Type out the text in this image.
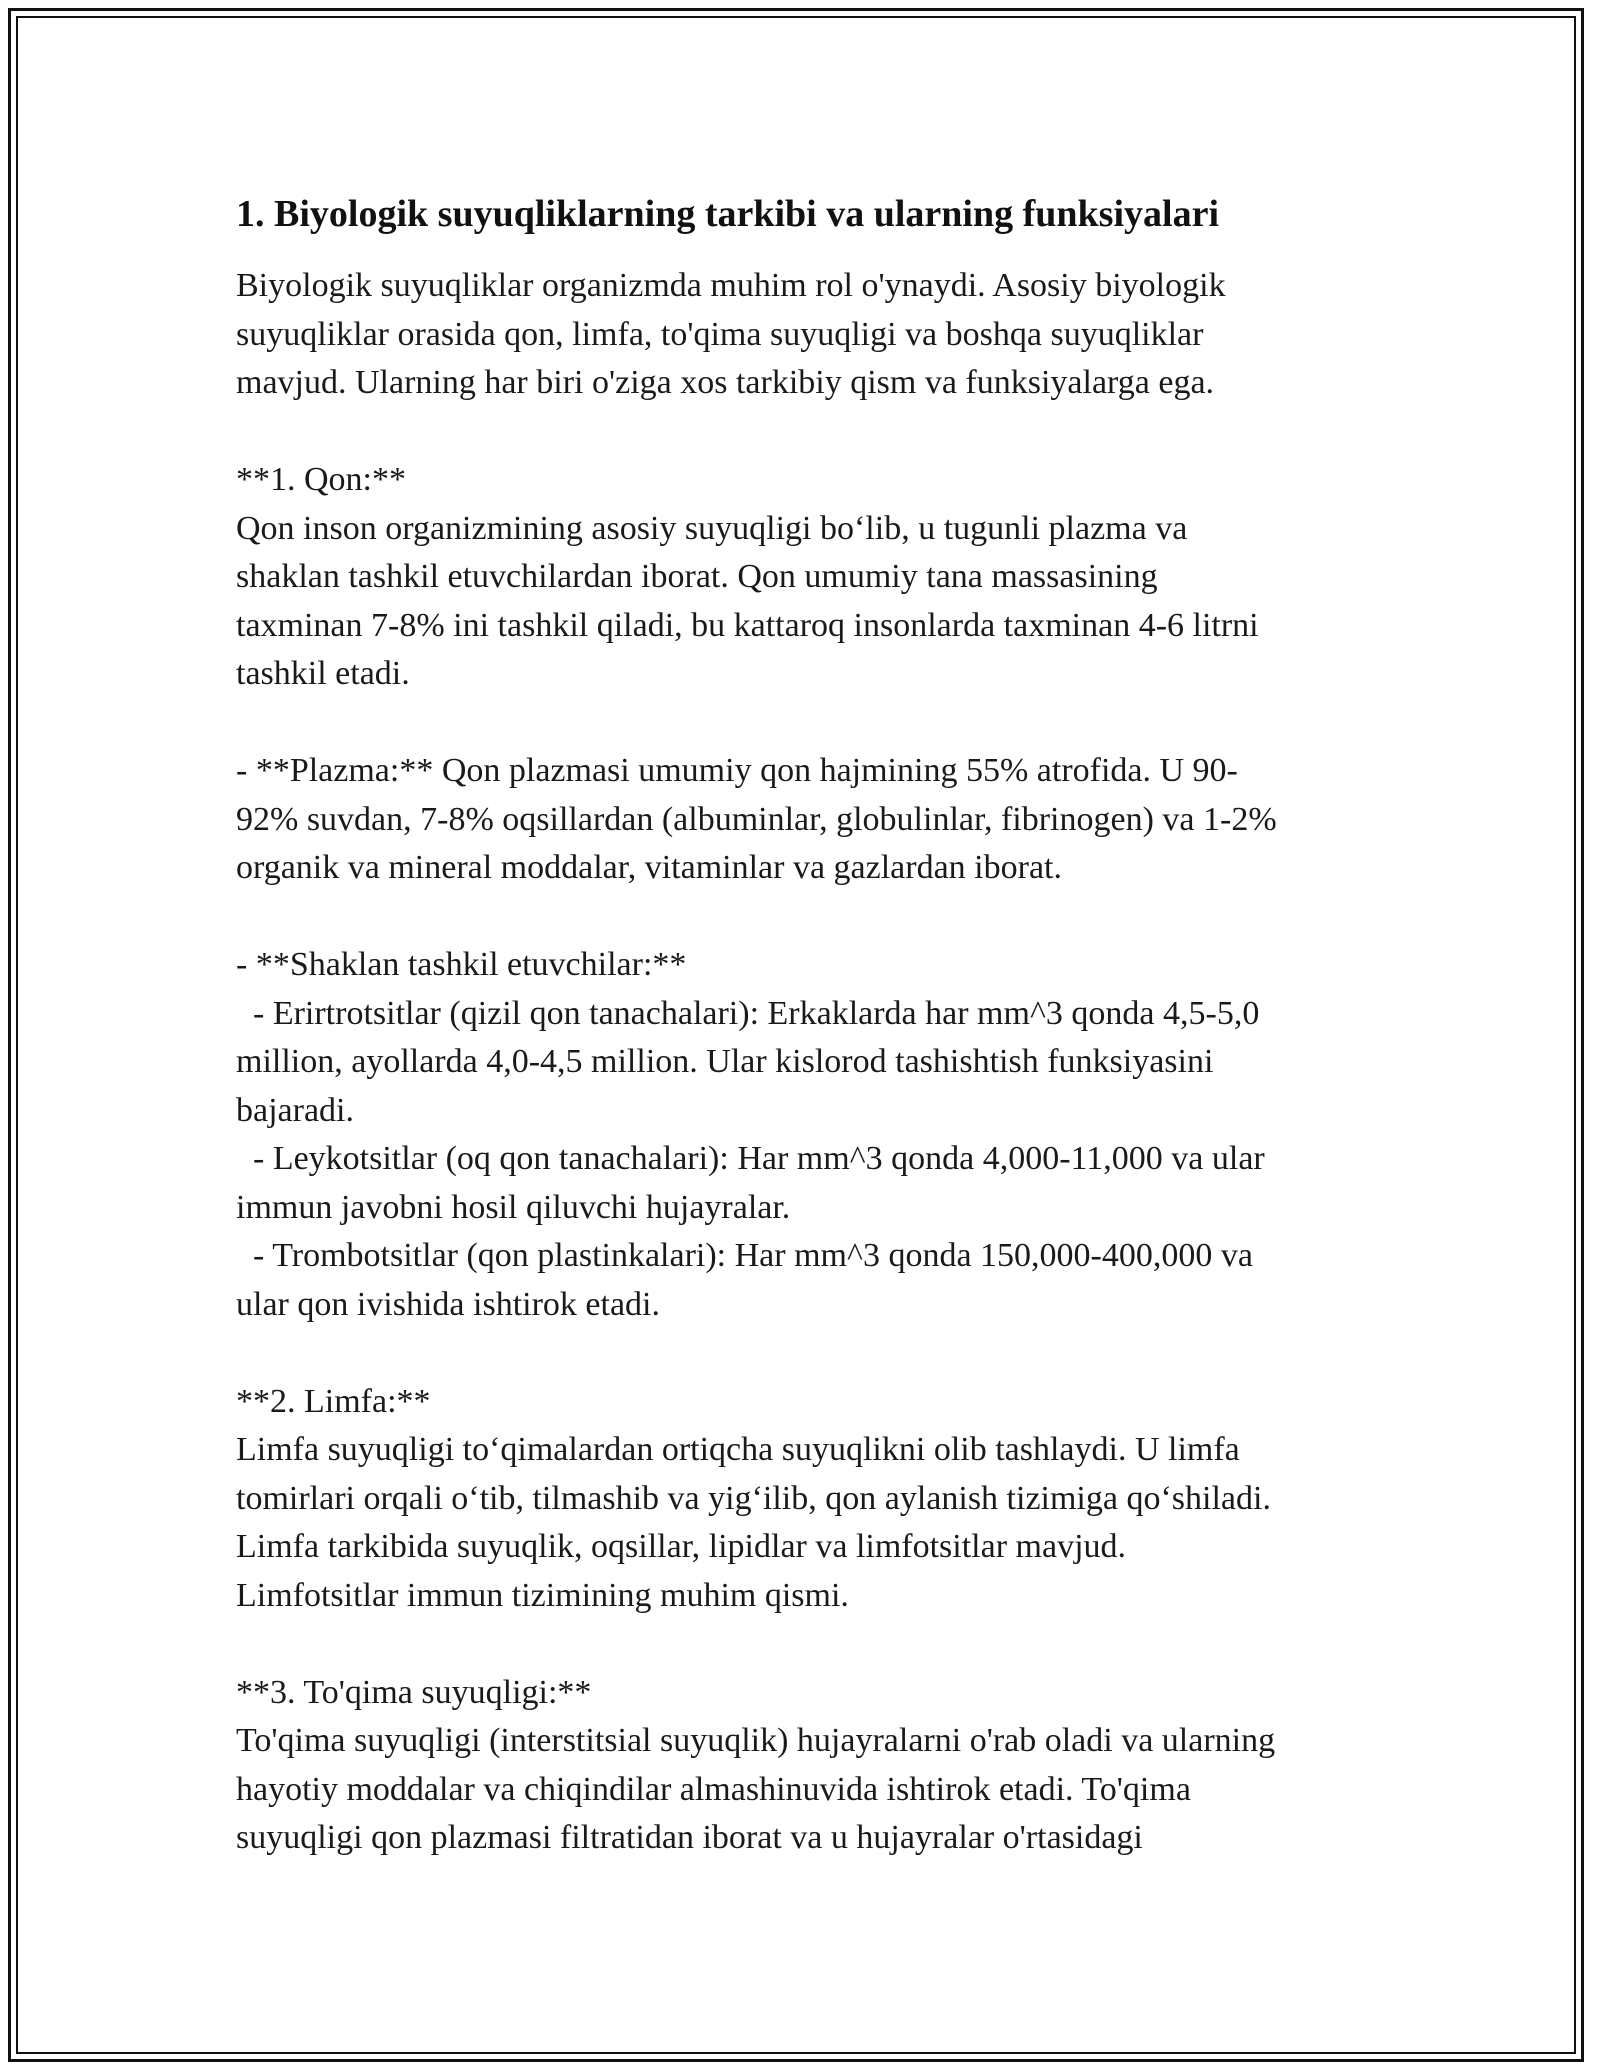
1. Biyologik suyuqliklarning tarkibi va ularning funksiyalari
Biyologik suyuqliklar organizmda muhim rol o'ynaydi. Asosiy biyologik
suyuqliklar orasida qon, limfa, to'qima suyuqligi va boshqa suyuqliklar
mavjud. Ularning har biri o'ziga xos tarkibiy qism va funksiyalarga ega.
**1. Qon:**
Qon inson organizmining asosiy suyuqligi bo‘lib, u tugunli plazma va
shaklan tashkil etuvchilardan iborat. Qon umumiy tana massasining
taxminan 7-8% ini tashkil qiladi, bu kattaroq insonlarda taxminan 4-6 litrni
tashkil etadi.
- **Plazma:** Qon plazmasi umumiy qon hajmining 55% atrofida. U 90-
92% suvdan, 7-8% oqsillardan (albuminlar, globulinlar, fibrinogen) va 1-2%
organik va mineral moddalar, vitaminlar va gazlardan iborat.
- **Shaklan tashkil etuvchilar:**
- Erirtrotsitlar (qizil qon tanachalari): Erkaklarda har mm^3 qonda 4,5-5,0
million, ayollarda 4,0-4,5 million. Ular kislorod tashishtish funksiyasini
bajaradi.
- Leykotsitlar (oq qon tanachalari): Har mm^3 qonda 4,000-11,000 va ular
immun javobni hosil qiluvchi hujayralar.
- Trombotsitlar (qon plastinkalari): Har mm^3 qonda 150,000-400,000 va
ular qon ivishida ishtirok etadi.
**2. Limfa:**
Limfa suyuqligi to‘qimalardan ortiqcha suyuqlikni olib tashlaydi. U limfa
tomirlari orqali o‘tib, tilmashib va yig‘ilib, qon aylanish tizimiga qo‘shiladi.
Limfa tarkibida suyuqlik, oqsillar, lipidlar va limfotsitlar mavjud.
Limfotsitlar immun tizimining muhim qismi.
**3. To'qima suyuqligi:**
To'qima suyuqligi (interstitsial suyuqlik) hujayralarni o'rab oladi va ularning
hayotiy moddalar va chiqindilar almashinuvida ishtirok etadi. To'qima
suyuqligi qon plazmasi filtratidan iborat va u hujayralar o'rtasidagi
